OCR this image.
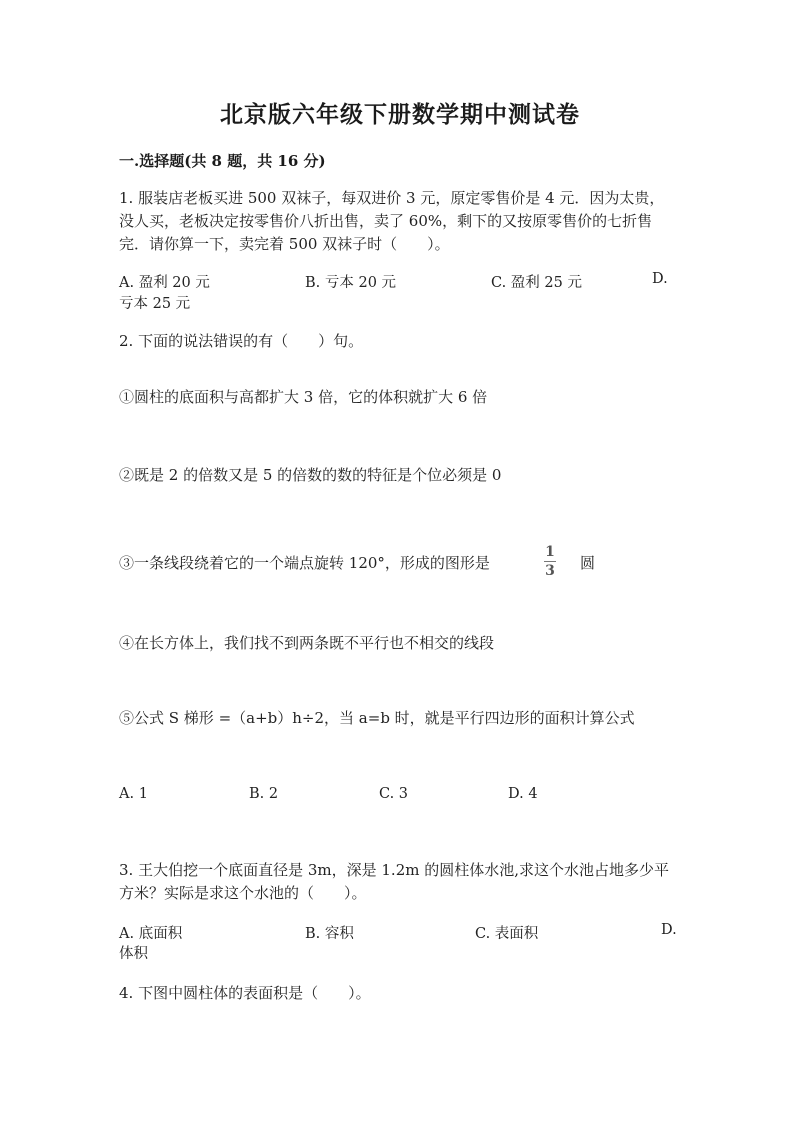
北京版六年级下册数学期中测试卷
一.选择题(共 8 题，共 16 分)
1. 服装店老板买进 500 双袜子，每双进价 3 元，原定零售价是 4 元．因为太贵，没人买，老板决定按零售价八折出售，卖了 60%，剩下的又按原零售价的七折售完．请你算一下，卖完着 500 双袜子时（　　）。
A. 盈利 20 元	B. 亏本 20 元	C. 盈利 25 元	D.
亏本 25 元
2. 下面的说法错误的有（　　）句。
①圆柱的底面积与高都扩大 3 倍，它的体积就扩大 6 倍
②既是 2 的倍数又是 5 的倍数的数的特征是个位必须是 0
③一条线段绕着它的一个端点旋转 120°，形成的图形是
1
3 圆
④在长方体上，我们找不到两条既不平行也不相交的线段
⑤公式 S 梯形 =（a+b）h÷2，当 a=b 时，就是平行四边形的面积计算公式
A. 1	B. 2	C. 3	D. 4
3. 王大伯挖一个底面直径是 3m，深是 1.2m 的圆柱体水池,求这个水池占地多少平方米？实际是求这个水池的（　　）。
A. 底面积	B. 容积	C. 表面积	D.
体积
4. 下图中圆柱体的表面积是（　　）。
